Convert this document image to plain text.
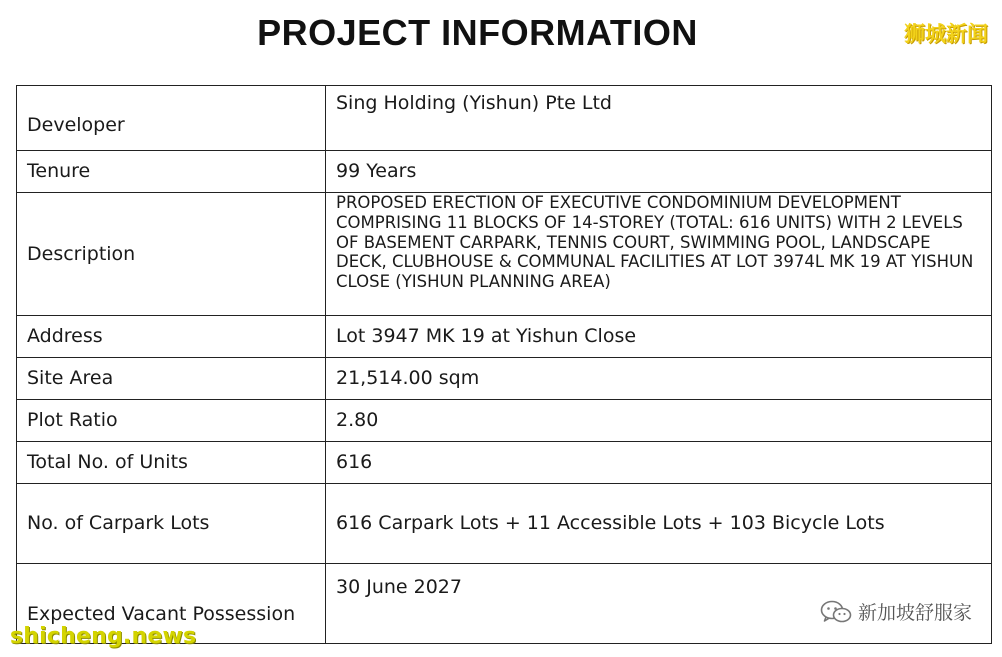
PROJECT INFORMATION	狮城新闻
Developer	Sing Holding (Yishun) Pte Ltd
Tenure	99 Years
Description	PROPOSED ERECTION OF EXECUTIVE CONDOMINIUM DEVELOPMENT COMPRISING 11 BLOCKS OF 14-STOREY (TOTAL: 616 UNITS) WITH 2 LEVELS OF BASEMENT CARPARK, TENNIS COURT, SWIMMING POOL, LANDSCAPE DECK, CLUBHOUSE & COMMUNAL FACILITIES AT LOT 3974L MK 19 AT YISHUN CLOSE (YISHUN PLANNING AREA)
Address	Lot 3947 MK 19 at Yishun Close
Site Area	21,514.00 sqm
Plot Ratio	2.80
Total No. of Units	616
No. of Carpark Lots	616 Carpark Lots + 11 Accessible Lots + 103 Bicycle Lots

Expected Vacant Possession	30 June 2027
新加坡舒服家
shicheng.news
